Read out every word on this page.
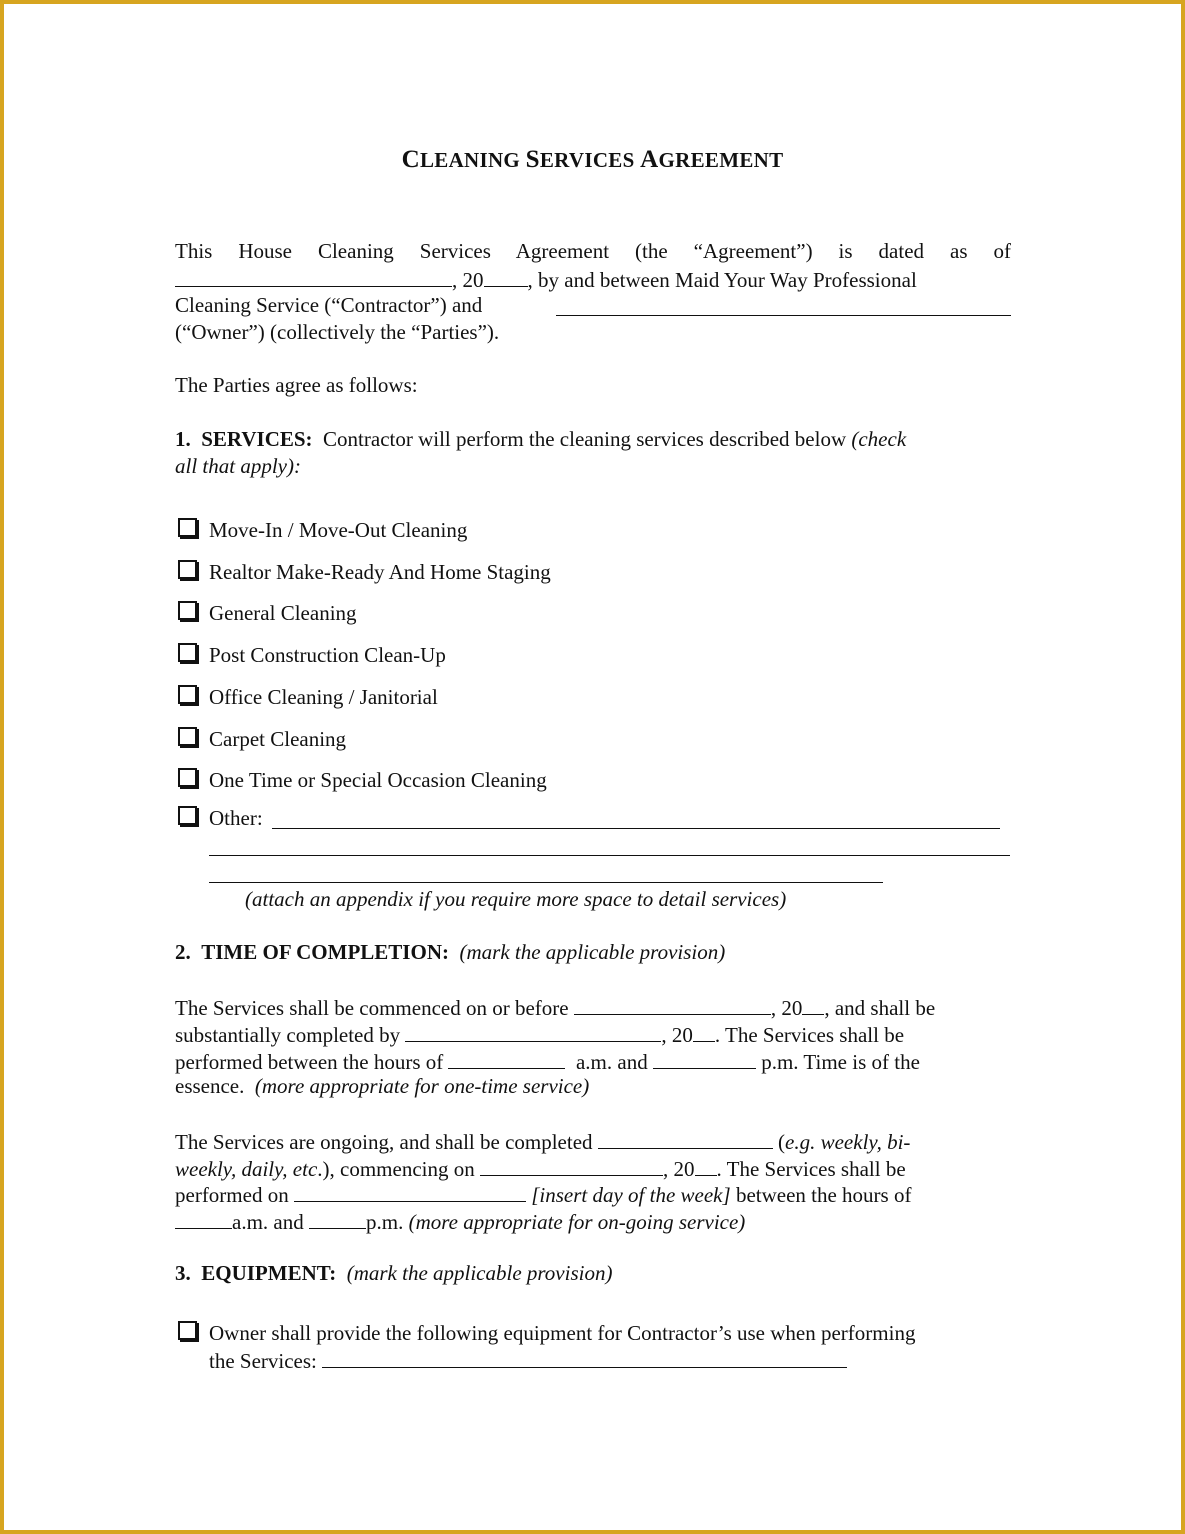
CLEANING SERVICES AGREEMENT
This House Cleaning Services Agreement (the “Agreement”) is dated as of
, 20 , by and between Maid Your Way Professional
Cleaning Service (“Contractor”) and
(“Owner”) (collectively the “Parties”).
The Parties agree as follows:
1. SERVICES: Contractor will perform the cleaning services described below (check
all that apply):
Move-In / Move-Out Cleaning
Realtor Make-Ready And Home Staging
General Cleaning
Post Construction Clean-Up
Office Cleaning / Janitorial
Carpet Cleaning
One Time or Special Occasion Cleaning
Other:
(attach an appendix if you require more space to detail services)
2. TIME OF COMPLETION: (mark the applicable provision)
The Services shall be commenced on or before	, 20 , and shall be
substantially completed by	, 20 . The Services shall be
performed between the hours of	a.m. and	p.m. Time is of the
essence. (more appropriate for one-time service)
The Services are ongoing, and shall be completed	(e.g. weekly, bi-
weekly, daily, etc.), commencing on	, 20 . The Services shall be
performed on	[insert day of the week] between the hours of
a.m. and	p.m. (more appropriate for on-going service)
3. EQUIPMENT: (mark the applicable provision)
Owner shall provide the following equipment for Contractor’s use when performing
the Services:
